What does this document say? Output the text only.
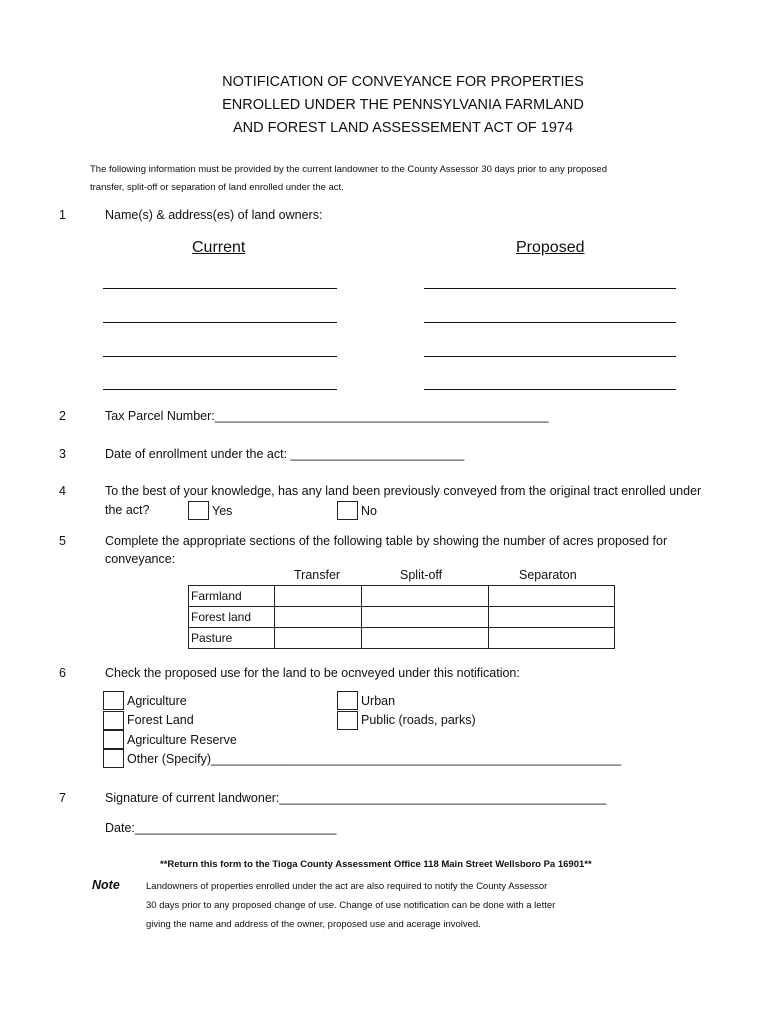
NOTIFICATION OF CONVEYANCE FOR PROPERTIES
ENROLLED UNDER THE PENNSYLVANIA FARMLAND
AND FOREST LAND ASSESSEMENT ACT OF 1974
The following information must be provided by the current landowner to the County Assessor 30 days prior to any proposed
transfer, split-off or separation of land enrolled under the act.
1	Name(s) & address(es) of land owners:
Current	Proposed
2	Tax Parcel Number:________________________________________________
3	Date of enrollment under the act: _________________________
4	To the best of your knowledge, has any land been previously conveyed from the original tract enrolled under
the act?	Yes	No
5	Complete the appropriate sections of the following table by showing the number of acres proposed for
conveyance:
Transfer	Split-off	Separaton
Farmland			
Forest land			
Pasture			
6	Check the proposed use for the land to be ocnveyed under this notification:
Agriculture
Forest Land
Agriculture Reserve
Other (Specify)___________________________________________________________
Urban
Public (roads, parks)
7	Signature of current landwoner:_______________________________________________
Date:_____________________________
**Return this form to the Tioga County Assessment Office 118 Main Street Wellsboro Pa 16901**
Note	Landowners of properties enrolled under the act are also required to notify the County Assessor
30 days prior to any proposed change of use. Change of use notification can be done with a letter
giving the name and address of the owner, proposed use and acerage involved.
